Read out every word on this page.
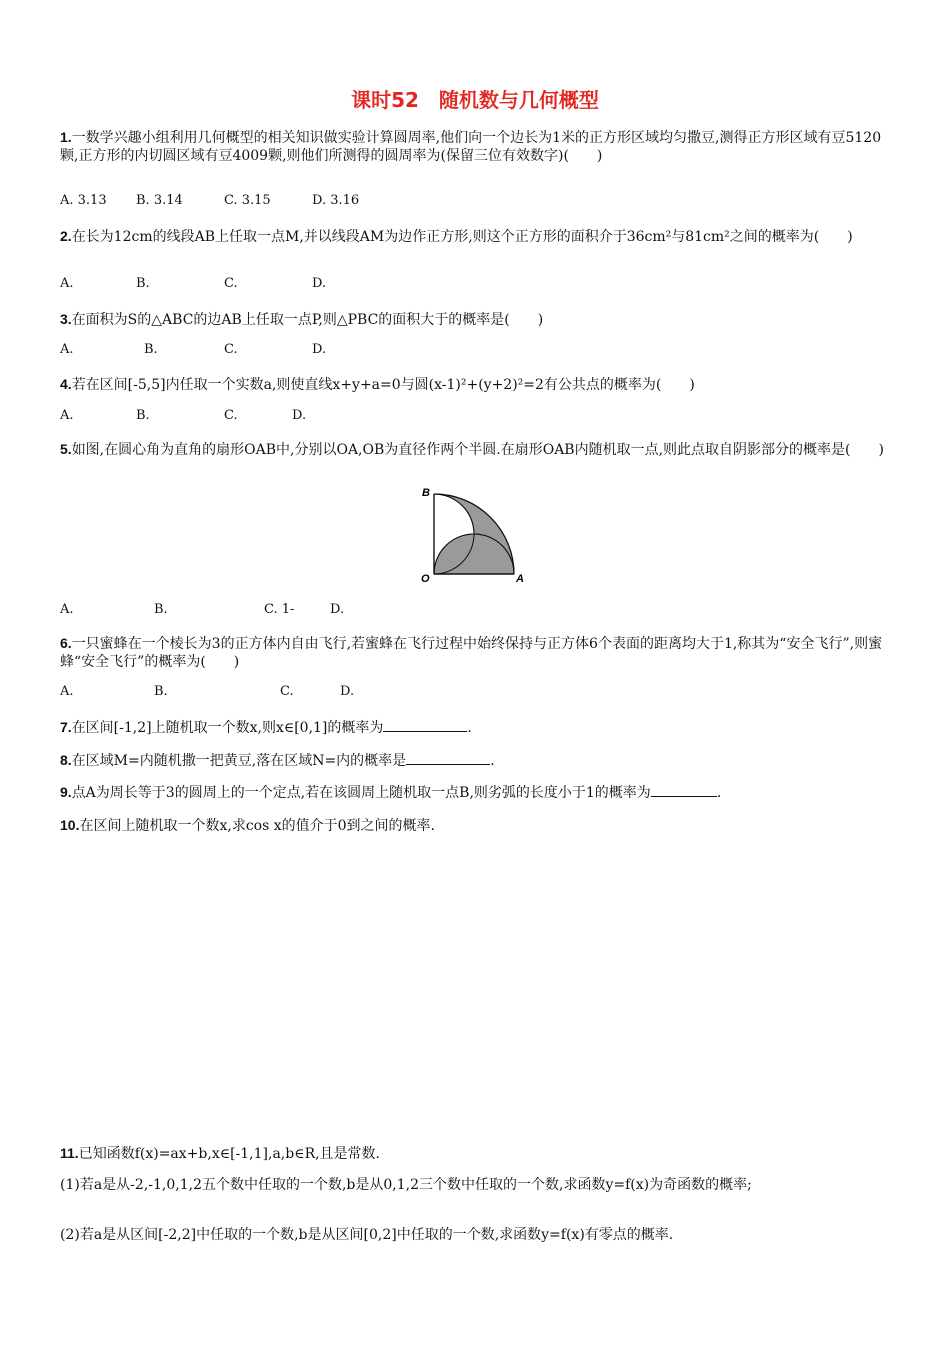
课时52　随机数与几何概型
1.一数学兴趣小组利用几何概型的相关知识做实验计算圆周率,他们向一个边长为1米的正方形区域均匀撒豆,测得正方形区域有豆5120颗,正方形的内切圆区域有豆4009颗,则他们所测得的圆周率为(保留三位有效数字)(　　)
A. 3.13 B. 3.14	C. 3.15	D. 3.16
2.在长为12cm的线段AB上任取一点M,并以线段AM为边作正方形,则这个正方形的面积介于36cm²与81cm²之间的概率为(　　)
A.	B.	C.	D.
3.在面积为S的△ABC的边AB上任取一点P,则△PBC的面积大于的概率是(　　)
A.	B.	C.	D.
4.若在区间[-5,5]内任取一个实数a,则使直线x+y+a=0与圆(x-1)²+(y+2)²=2有公共点的概率为(　　)
A.	B.	C.	D.
5.如图,在圆心角为直角的扇形OAB中,分别以OA,OB为直径作两个半圆.在扇形OAB内随机取一点,则此点取自阴影部分的概率是(　　)
B
O	A
A.	B.	C. 1-	D.
6.一只蜜蜂在一个棱长为3的正方体内自由飞行,若蜜蜂在飞行过程中始终保持与正方体6个表面的距离均大于1,称其为“安全飞行”,则蜜蜂“安全飞行”的概率为(　　)
A.	B.	C.	D.
7.在区间[-1,2]上随机取一个数x,则x∈[0,1]的概率为	.
8.在区域M=内随机撒一把黄豆,落在区域N=内的概率是	.
9.点A为周长等于3的圆周上的一个定点,若在该圆周上随机取一点B,则劣弧的长度小于1的概率为	.
10.在区间上随机取一个数x,求cos x的值介于0到之间的概率.
11.已知函数f(x)=ax+b,x∈[-1,1],a,b∈R,且是常数.
(1)若a是从-2,-1,0,1,2五个数中任取的一个数,b是从0,1,2三个数中任取的一个数,求函数y=f(x)为奇函数的概率;
(2)若a是从区间[-2,2]中任取的一个数,b是从区间[0,2]中任取的一个数,求函数y=f(x)有零点的概率.
